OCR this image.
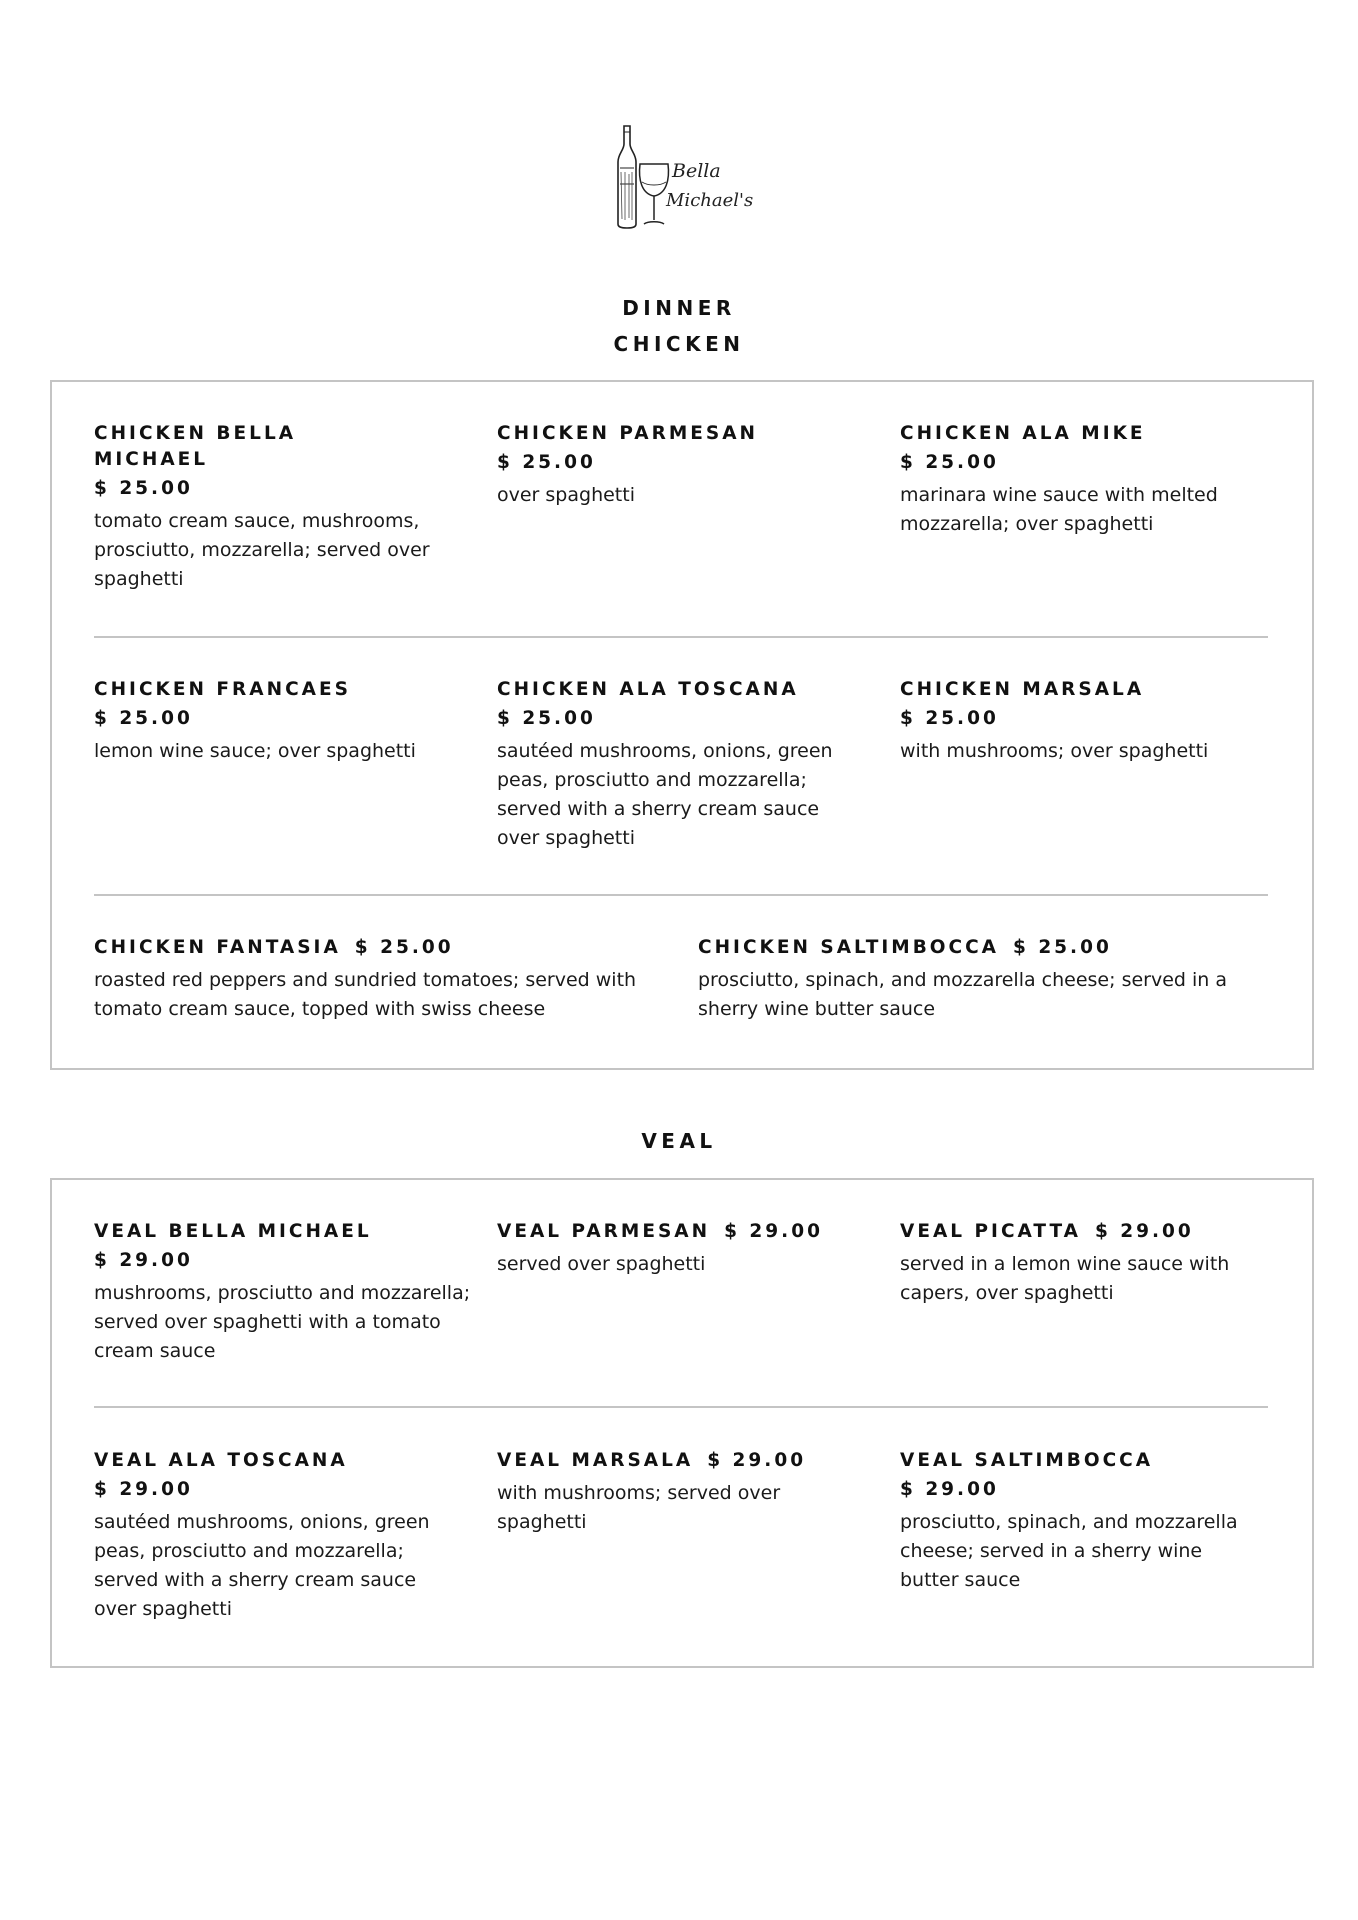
Bella
Michael's
DINNER
CHICKEN
CHICKEN BELLA MICHAEL
$ 25.00
tomato cream sauce, mushrooms, prosciutto, mozzarella; served over spaghetti
CHICKEN PARMESAN
$ 25.00
over spaghetti
CHICKEN ALA MIKE
$ 25.00
marinara wine sauce with melted mozzarella; over spaghetti
CHICKEN FRANCAES
$ 25.00
lemon wine sauce; over spaghetti
CHICKEN ALA TOSCANA
$ 25.00
sautéed mushrooms, onions, green peas, prosciutto and mozzarella; served with a sherry cream sauce over spaghetti
CHICKEN MARSALA
$ 25.00
with mushrooms; over spaghetti
CHICKEN FANTASIA $ 25.00
roasted red peppers and sundried tomatoes; served with tomato cream sauce, topped with swiss cheese
CHICKEN SALTIMBOCCA $ 25.00
prosciutto, spinach, and mozzarella cheese; served in a sherry wine butter sauce
VEAL
VEAL BELLA MICHAEL
$ 29.00
mushrooms, prosciutto and mozzarella; served over spaghetti with a tomato cream sauce
VEAL PARMESAN $ 29.00
served over spaghetti
VEAL PICATTA $ 29.00
served in a lemon wine sauce with capers, over spaghetti
VEAL ALA TOSCANA
$ 29.00
sautéed mushrooms, onions, green peas, prosciutto and mozzarella; served with a sherry cream sauce over spaghetti
VEAL MARSALA $ 29.00
with mushrooms; served over spaghetti
VEAL SALTIMBOCCA
$ 29.00
prosciutto, spinach, and mozzarella cheese; served in a sherry wine butter sauce
